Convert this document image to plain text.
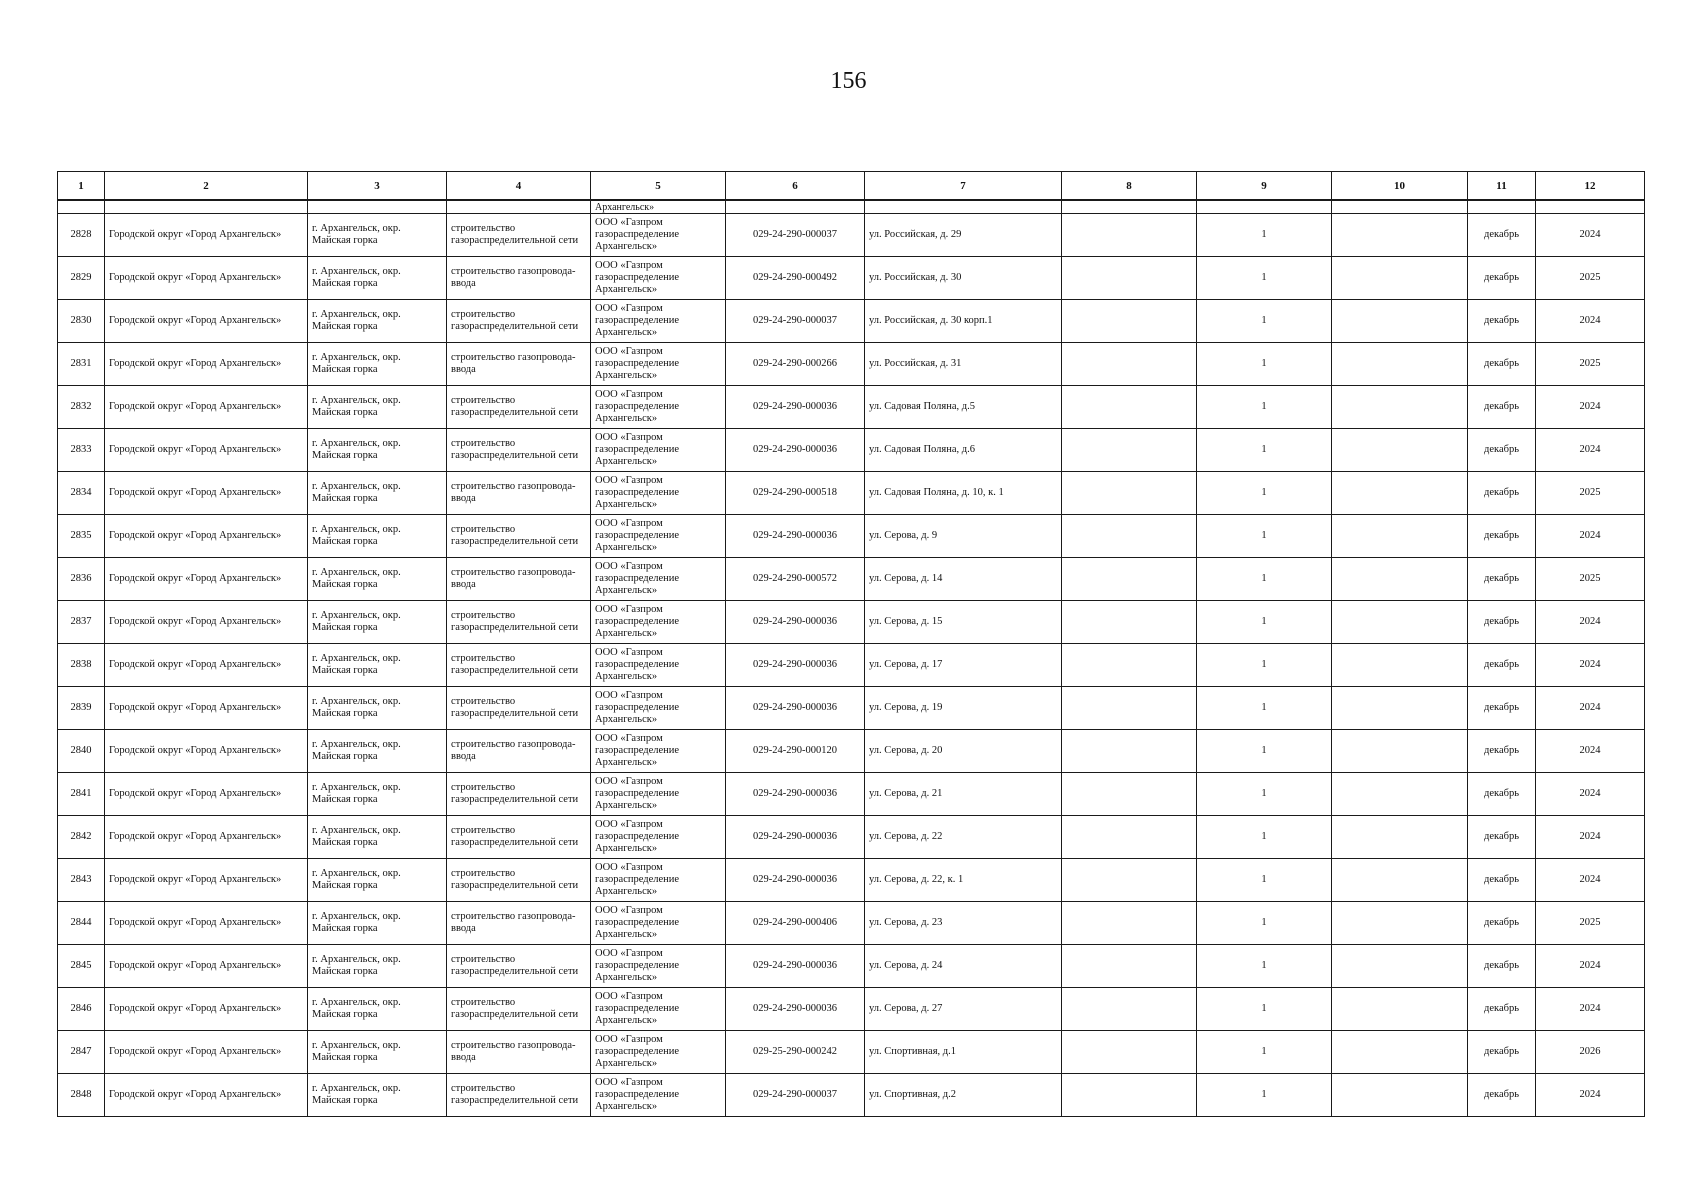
156
1	2	3	4	5	6	7	8	9	10	11	12
				Архангельск»							
2828	Городской округ «Город Архангельск»	г. Архангельск, окр. Майская горка	строительство газораспределительной сети	ООО «Газпром газораспределение Архангельск»	029-24-290-000037	ул. Российская, д. 29		1		декабрь	2024
2829	Городской округ «Город Архангельск»	г. Архангельск, окр. Майская горка	строительство газопровода-ввода	ООО «Газпром газораспределение Архангельск»	029-24-290-000492	ул. Российская, д. 30		1		декабрь	2025
2830	Городской округ «Город Архангельск»	г. Архангельск, окр. Майская горка	строительство газораспределительной сети	ООО «Газпром газораспределение Архангельск»	029-24-290-000037	ул. Российская, д. 30 корп.1		1		декабрь	2024
2831	Городской округ «Город Архангельск»	г. Архангельск, окр. Майская горка	строительство газопровода-ввода	ООО «Газпром газораспределение Архангельск»	029-24-290-000266	ул. Российская, д. 31		1		декабрь	2025
2832	Городской округ «Город Архангельск»	г. Архангельск, окр. Майская горка	строительство газораспределительной сети	ООО «Газпром газораспределение Архангельск»	029-24-290-000036	ул. Садовая Поляна, д.5		1		декабрь	2024
2833	Городской округ «Город Архангельск»	г. Архангельск, окр. Майская горка	строительство газораспределительной сети	ООО «Газпром газораспределение Архангельск»	029-24-290-000036	ул. Садовая Поляна, д.6		1		декабрь	2024
2834	Городской округ «Город Архангельск»	г. Архангельск, окр. Майская горка	строительство газопровода-ввода	ООО «Газпром газораспределение Архангельск»	029-24-290-000518	ул. Садовая Поляна, д. 10, к. 1		1		декабрь	2025
2835	Городской округ «Город Архангельск»	г. Архангельск, окр. Майская горка	строительство газораспределительной сети	ООО «Газпром газораспределение Архангельск»	029-24-290-000036	ул. Серова, д. 9		1		декабрь	2024
2836	Городской округ «Город Архангельск»	г. Архангельск, окр. Майская горка	строительство газопровода-ввода	ООО «Газпром газораспределение Архангельск»	029-24-290-000572	ул. Серова, д. 14		1		декабрь	2025
2837	Городской округ «Город Архангельск»	г. Архангельск, окр. Майская горка	строительство газораспределительной сети	ООО «Газпром газораспределение Архангельск»	029-24-290-000036	ул. Серова, д. 15		1		декабрь	2024
2838	Городской округ «Город Архангельск»	г. Архангельск, окр. Майская горка	строительство газораспределительной сети	ООО «Газпром газораспределение Архангельск»	029-24-290-000036	ул. Серова, д. 17		1		декабрь	2024
2839	Городской округ «Город Архангельск»	г. Архангельск, окр. Майская горка	строительство газораспределительной сети	ООО «Газпром газораспределение Архангельск»	029-24-290-000036	ул. Серова, д. 19		1		декабрь	2024
2840	Городской округ «Город Архангельск»	г. Архангельск, окр. Майская горка	строительство газопровода-ввода	ООО «Газпром газораспределение Архангельск»	029-24-290-000120	ул. Серова, д. 20		1		декабрь	2024
2841	Городской округ «Город Архангельск»	г. Архангельск, окр. Майская горка	строительство газораспределительной сети	ООО «Газпром газораспределение Архангельск»	029-24-290-000036	ул. Серова, д. 21		1		декабрь	2024
2842	Городской округ «Город Архангельск»	г. Архангельск, окр. Майская горка	строительство газораспределительной сети	ООО «Газпром газораспределение Архангельск»	029-24-290-000036	ул. Серова, д. 22		1		декабрь	2024
2843	Городской округ «Город Архангельск»	г. Архангельск, окр. Майская горка	строительство газораспределительной сети	ООО «Газпром газораспределение Архангельск»	029-24-290-000036	ул. Серова, д. 22, к. 1		1		декабрь	2024
2844	Городской округ «Город Архангельск»	г. Архангельск, окр. Майская горка	строительство газопровода-ввода	ООО «Газпром газораспределение Архангельск»	029-24-290-000406	ул. Серова, д. 23		1		декабрь	2025
2845	Городской округ «Город Архангельск»	г. Архангельск, окр. Майская горка	строительство газораспределительной сети	ООО «Газпром газораспределение Архангельск»	029-24-290-000036	ул. Серова, д. 24		1		декабрь	2024
2846	Городской округ «Город Архангельск»	г. Архангельск, окр. Майская горка	строительство газораспределительной сети	ООО «Газпром газораспределение Архангельск»	029-24-290-000036	ул. Серова, д. 27		1		декабрь	2024
2847	Городской округ «Город Архангельск»	г. Архангельск, окр. Майская горка	строительство газопровода-ввода	ООО «Газпром газораспределение Архангельск»	029-25-290-000242	ул. Спортивная, д.1		1		декабрь	2026
2848	Городской округ «Город Архангельск»	г. Архангельск, окр. Майская горка	строительство газораспределительной сети	ООО «Газпром газораспределение Архангельск»	029-24-290-000037	ул. Спортивная, д.2		1		декабрь	2024
